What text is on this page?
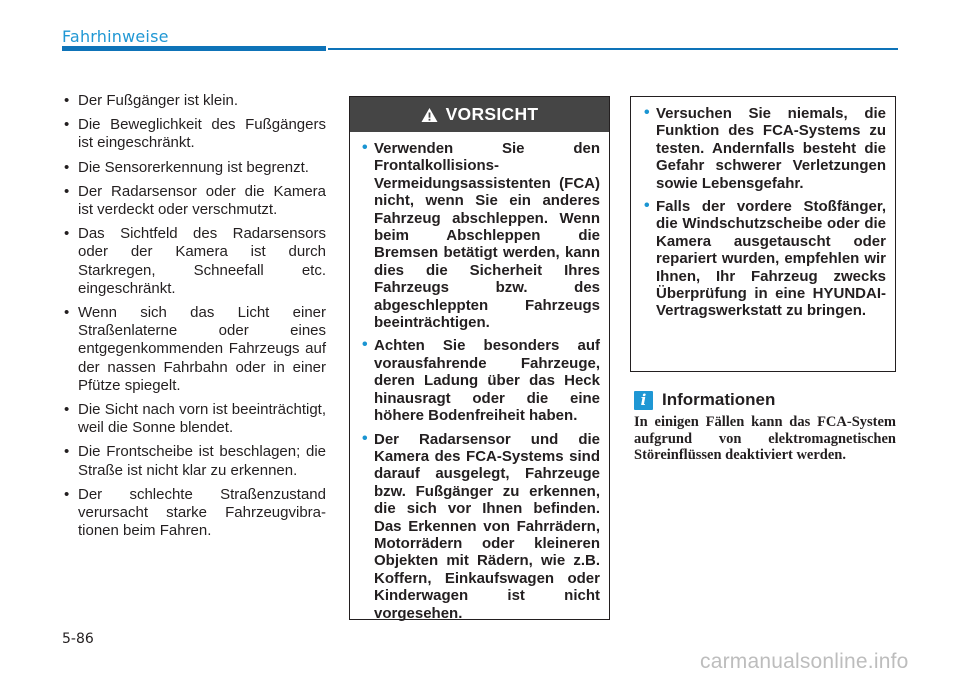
Fahrhinweise
• Der Fußgänger ist klein.
• Die Beweglichkeit des Fußgängers ist eingeschränkt.
• Die Sensorerkennung ist begrenzt.
• Der Radarsensor oder die Kamera ist verdeckt oder verschmutzt.
• Das Sichtfeld des Radarsensors oder der Kamera ist durch Starkregen, Schneefall etc. eingeschränkt.
• Wenn sich das Licht einer Straßenlaterne oder eines entgegenkommenden Fahrzeugs auf der nassen Fahrbahn oder in einer Pfütze spiegelt.
• Die Sicht nach vorn ist beeinträchtigt, weil die Sonne blendet.
• Die Frontscheibe ist beschlagen; die Straße ist nicht klar zu erkennen.
• Der schlechte Straßenzustand verursacht starke Fahrzeugvibrationen beim Fahren.
VORSICHT
• Verwenden Sie den Frontalkollisions-Vermeidungsassistenten (FCA) nicht, wenn Sie ein anderes Fahrzeug abschleppen. Wenn beim Abschleppen die Bremsen betätigt werden, kann dies die Sicherheit Ihres Fahrzeugs bzw. des abgeschleppten Fahrzeugs beeinträchtigen.
• Achten Sie besonders auf vorausfahrende Fahrzeuge, deren Ladung über das Heck hinausragt oder die eine höhere Bodenfreiheit haben.
• Der Radarsensor und die Kamera des FCA-Systems sind darauf ausgelegt, Fahrzeuge bzw. Fußgänger zu erkennen, die sich vor Ihnen befinden. Das Erkennen von Fahrrädern, Motorrädern oder kleineren Objekten mit Rädern, wie z.B. Koffern, Einkaufswagen oder Kinderwagen ist nicht vorgesehen.
• Versuchen Sie niemals, die Funktion des FCA-Systems zu testen. Andernfalls besteht die Gefahr schwerer Verletzungen sowie Lebensgefahr.
• Falls der vordere Stoßfänger, die Windschutzscheibe oder die Kamera ausgetauscht oder repariert wurden, empfehlen wir Ihnen, Ihr Fahrzeug zwecks Überprüfung in eine HYUNDAI-Vertragswerkstatt zu bringen.
i Informationen
In einigen Fällen kann das FCA-System aufgrund von elektromagnetischen Störeinflüssen deaktiviert werden.
5-86
carmanualsonline.info
